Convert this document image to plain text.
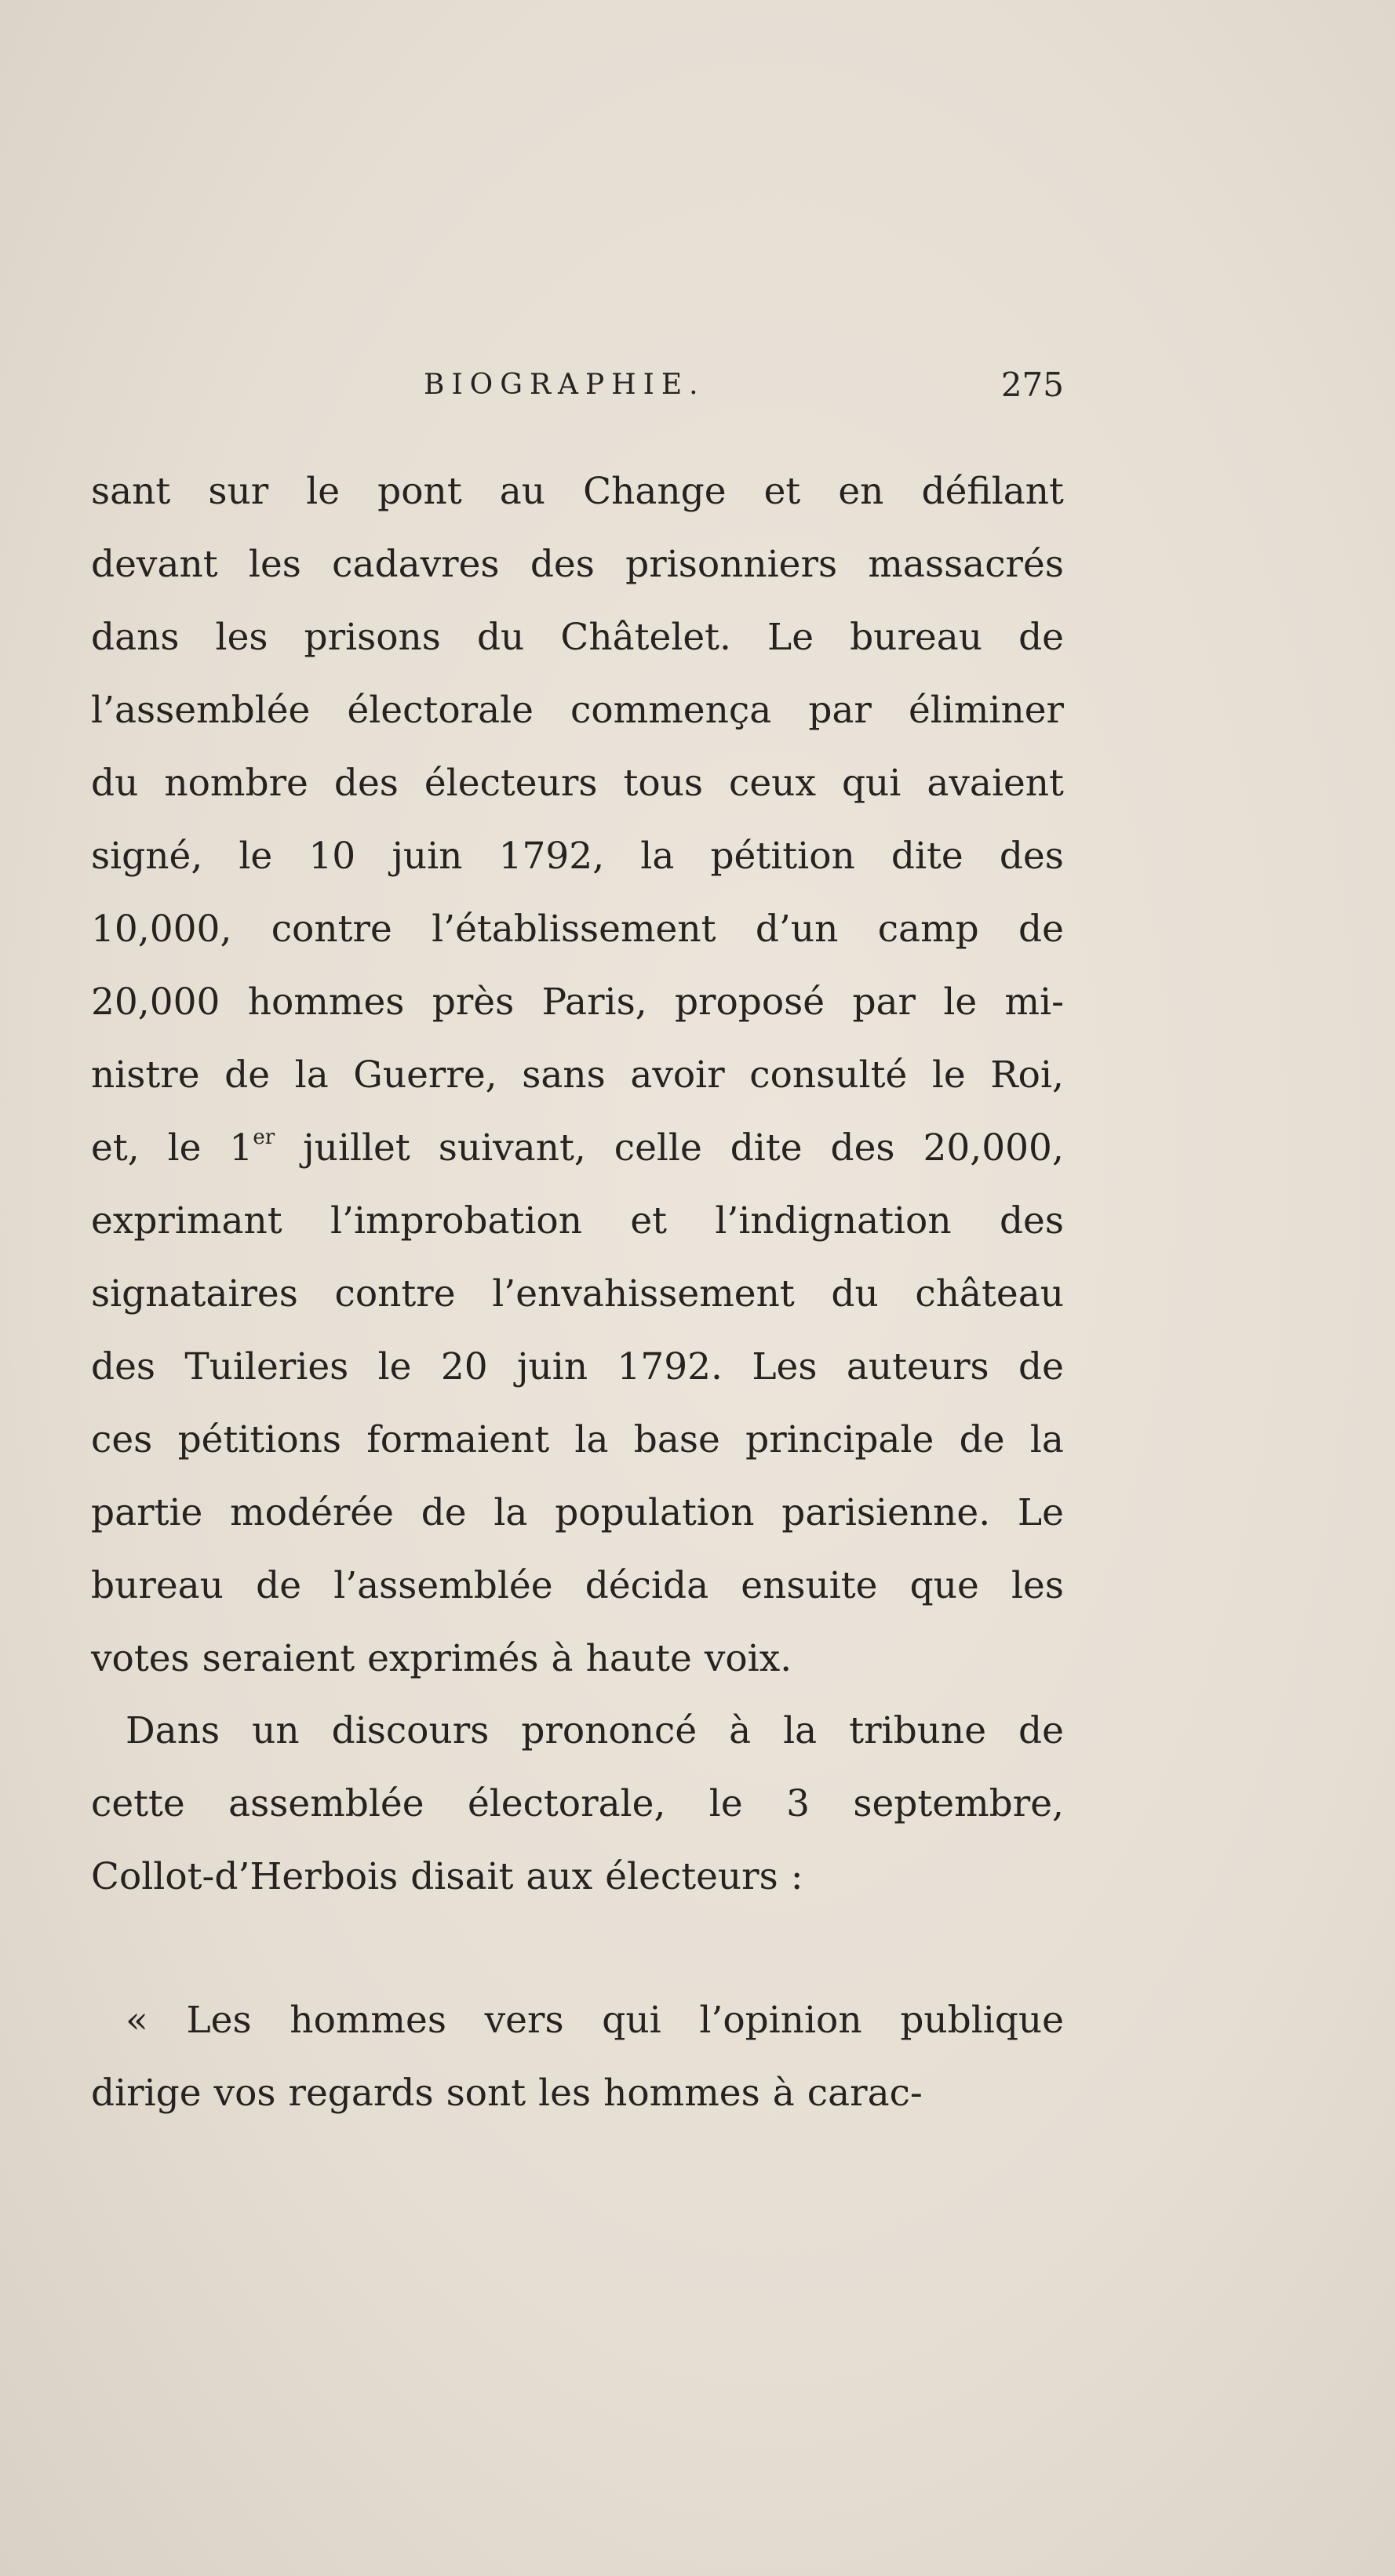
BIOGRAPHIE.	275
sant sur le pont au Change et en défilant
devant les cadavres des prisonniers massacrés
dans les prisons du Châtelet. Le bureau de
l’assemblée électorale commença par éliminer
du nombre des électeurs tous ceux qui avaient
signé, le 10 juin 1792, la pétition dite des
10,000, contre l’établissement d’un camp de
20,000 hommes près Paris, proposé par le mi-
nistre de la Guerre, sans avoir consulté le Roi,
et, le 1er juillet suivant, celle dite des 20,000,
exprimant l’improbation et l’indignation des
signataires contre l’envahissement du château
des Tuileries le 20 juin 1792. Les auteurs de
ces pétitions formaient la base principale de la
partie modérée de la population parisienne. Le
bureau de l’assemblée décida ensuite que les
votes seraient exprimés à haute voix.
Dans un discours prononcé à la tribune de
cette assemblée électorale, le 3 septembre,
Collot-d’Herbois disait aux électeurs :
« Les hommes vers qui l’opinion publique
dirige vos regards sont les hommes à carac-
